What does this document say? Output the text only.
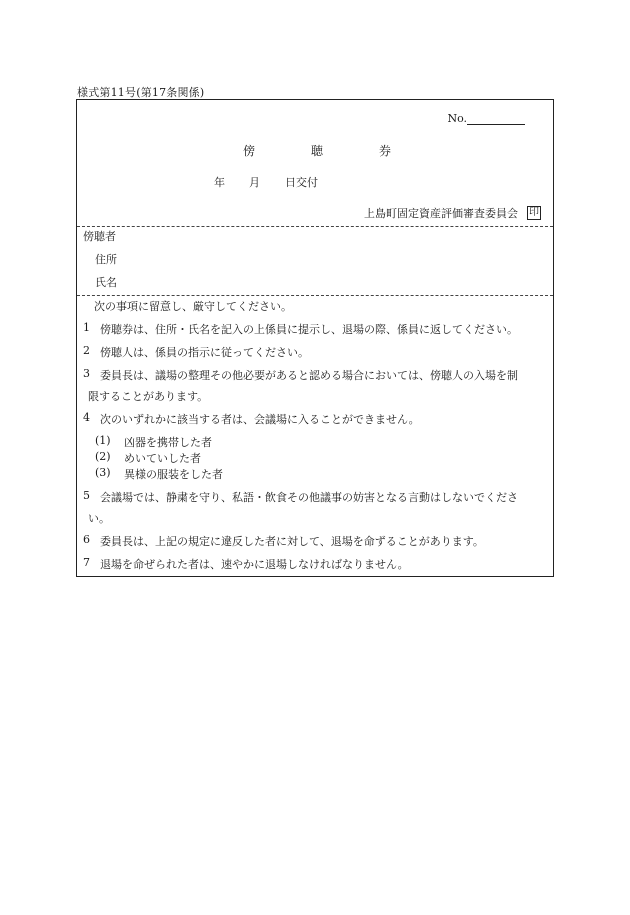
様式第11号(第17条関係)
No.
傍	聴	券
年 月 日交付
上島町固定資産評価審査委員会 印
傍聴者
住所
氏名
次の事項に留意し、厳守してください。
1 傍聴券は、住所・氏名を記入の上係員に提示し、退場の際、係員に返してください。
2 傍聴人は、係員の指示に従ってください。
3 委員長は、議場の整理その他必要があると認める場合においては、傍聴人の入場を制
限することがあります。
4 次のいずれかに該当する者は、会議場に入ることができません。
(1) 凶器を携帯した者
(2) めいていした者
(3) 異様の服装をした者
5 会議場では、静粛を守り、私語・飲食その他議事の妨害となる言動はしないでくださ
い。
6 委員長は、上記の規定に違反した者に対して、退場を命ずることがあります。
7 退場を命ぜられた者は、速やかに退場しなければなりません。
